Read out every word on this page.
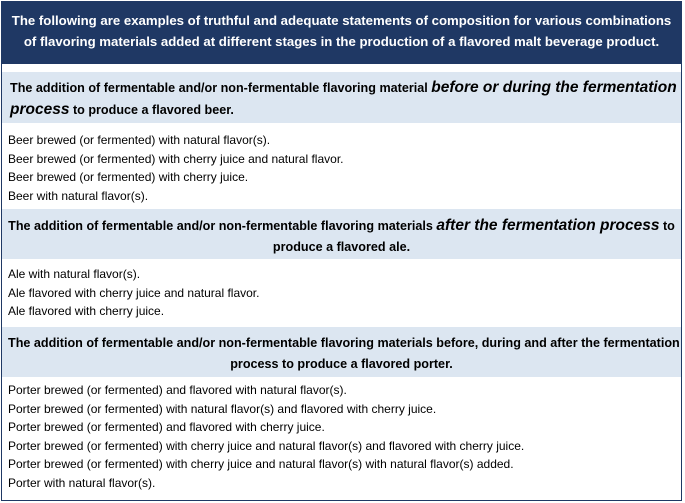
The following are examples of truthful and adequate statements of composition for various combinations
of flavoring materials added at different stages in the production of a flavored malt beverage product.
The addition of fermentable and/or non-fermentable flavoring material before or during the fermentation
process to produce a flavored beer.
Beer brewed (or fermented) with natural flavor(s).
Beer brewed (or fermented) with cherry juice and natural flavor.
Beer brewed (or fermented) with cherry juice.
Beer with natural flavor(s).
The addition of fermentable and/or non-fermentable flavoring materials after the fermentation process to
produce a flavored ale.
Ale with natural flavor(s).
Ale flavored with cherry juice and natural flavor.
Ale flavored with cherry juice.
The addition of fermentable and/or non-fermentable flavoring materials before, during and after the fermentation
process to produce a flavored porter.
Porter brewed (or fermented) and flavored with natural flavor(s).
Porter brewed (or fermented) with natural flavor(s) and flavored with cherry juice.
Porter brewed (or fermented) and flavored with cherry juice.
Porter brewed (or fermented) with cherry juice and natural flavor(s) and flavored with cherry juice.
Porter brewed (or fermented) with cherry juice and natural flavor(s) with natural flavor(s) added.
Porter with natural flavor(s).
